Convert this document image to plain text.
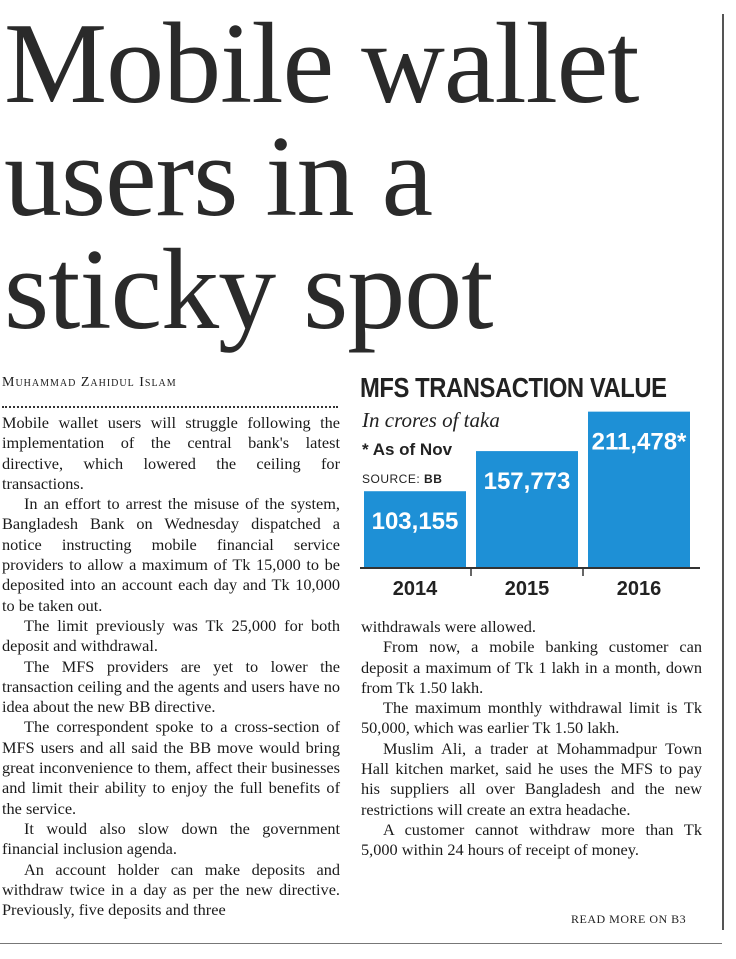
Mobile wallet
users in a
sticky spot
Muhammad Zahidul Islam

Mobile wallet users will struggle following the implementation of the central bank's latest directive, which lowered the ceiling for transactions.

In an effort to arrest the misuse of the system, Bangladesh Bank on Wednesday dispatched a notice instructing mobile financial service providers to allow a maximum of Tk 15,000 to be deposited into an account each day and Tk 10,000 to be taken out.

The limit previously was Tk 25,000 for both deposit and withdrawal.

The MFS providers are yet to lower the transaction ceiling and the agents and users have no idea about the new BB directive.

The correspondent spoke to a cross-section of MFS users and all said the BB move would bring great inconvenience to them, affect their businesses and limit their ability to enjoy the full benefits of the service.

It would also slow down the government financial inclusion agenda.

An account holder can make deposits and withdraw twice in a day as per the new directive. Previously, five deposits and three

MFS TRANSACTION VALUE
In crores of taka
* As of Nov
SOURCE: BB
103,155
2014
157,773
2015
211,478*
2016

withdrawals were allowed.

From now, a mobile banking customer can deposit a maximum of Tk 1 lakh in a month, down from Tk 1.50 lakh.

The maximum monthly withdrawal limit is Tk 50,000, which was earlier Tk 1.50 lakh.

Muslim Ali, a trader at Mohammadpur Town Hall kitchen market, said he uses the MFS to pay his suppliers all over Bangladesh and the new restrictions will create an extra headache.

A customer cannot withdraw more than Tk 5,000 within 24 hours of receipt of money.

READ MORE ON B3
